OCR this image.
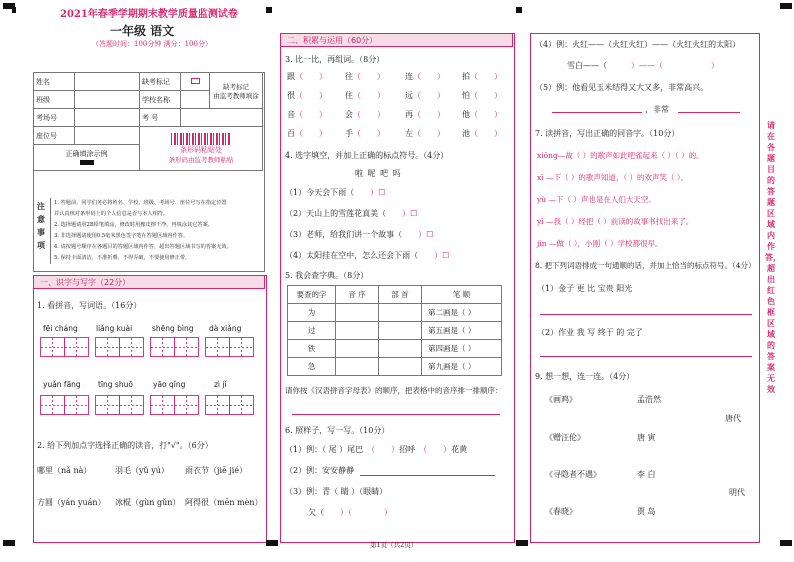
2021年春季学期期末教学质量监测试卷
一年级 语文
（答题时间：100分钟 满分：100分）
姓名		缺考标记		缺考标记
由监考教师填涂

班级		学校名称		
考场号		考 号		
座位号		条形码粘贴处
条形码由监考教师粘贴		

正确填涂示例				
注
意
事
项
1. 答题前，同学们务必将姓名、学校、班级、考场号、座位号写在指定位置
并认真核对条形码上的个人信息是否与本人相符。
2. 选择题请用2B铅笔填涂，修改时用橡皮擦干净，再填涂其它答案。
3. 非选择题请使用0.5毫米黑色签字笔在答题区域内作答。
4. 请按题号顺序在各题目的答题区域内作答，超出答题区域书写的答案无效。
5. 保持卡面清洁，不准折叠、不得弄破，不要使用修正带。
一、识字与写字（22分）
1. 看拼音，写词语。（16分）
fēi cháng liǎng kuài	shēng bìng dà xiǎng
yuǎn fāng tīng shuō	yāo qǐng	zì jǐ
2. 给下列加点字选择正确的读音，打"√"。（6分）
哪里（nǎ nà）	羽毛（yǔ yú） 雨衣节（jiē jié）
方圆（yán yuán） 冰棍（gùn gǔn） 阿得很（mēn mèn）
二、积累与运用（60分）
3. 比一比，再组词。（8分）
跟（　　） 往（　　）	连（　　） 拍（　　）
很（　　） 住（　　）	远（　　） 怕（　　）
音（　　） 会（　　）	再（　　） 他（　　）
百（　　） 手（　　）	左（　　） 池（　　）
4. 选字填空，并加上正确的标点符号。（4分）
啦 呢 吧 吗
（1）今天会下雨（　　）☐
（2）天山上的雪莲花真美（　　）☐
（3）老师，给我们讲一个故事（　　）☐
（4）太阳挂在空中，怎么还会下雨（　　）☐
5. 我会查字典。（8分）
要查的字	音 序	部 首	笔 顺
为			第二画是（ ）
过			第五画是（ ）
铁			第四画是（ ）
急			第九画是（ ）
请你按《汉语拼音字母表》的顺序，把表格中的音序排一排顺序：
6. 照样子，写一写。（10分）
（1）例：（ 尾 ）尾巴　（　　）招呼　（　　）花黄
（2）例：安安静静
（3）例：青（ 睛 ）（眼睛）
欠（　　）（　　　　）
（4）例：火红——（火红火红）——（火红火红的太阳）
雪白——（　　　）——（　　　　　　）
（5）例：他看见玉米结得又大又多，非常高兴。
，非常
7. 读拼音，写出正确的同音字。（10分）
xiōng—故（ ）的歌声如此吧雀起来（ ）（ ）的。
xī —下（ ）的歌声知道，（ ）的欢声笑（ ）。
yù —下（ ）声也是在人们大天空。
yī —我（ ）经把（ ）前读的故事书找出来了。
jìn —做（ ），小刚（ ）学校都很早。
8. 把下列词语排成一句通顺的话，并加上恰当的标点符号。（4分）
（1）金子 更 比 宝贵 阳光
（2）作业 我 写 终于 的 完了
9. 想一想，连一连。（4分）
《画鸡》
《赠汪伦》
《寻隐者不遇》
《春晓》
孟浩然
唐 寅
李 白
贾 岛
唐代
明代
请在各题目的答题区域内作答，超出红色框区域的答案无效
第1页（共2页）
